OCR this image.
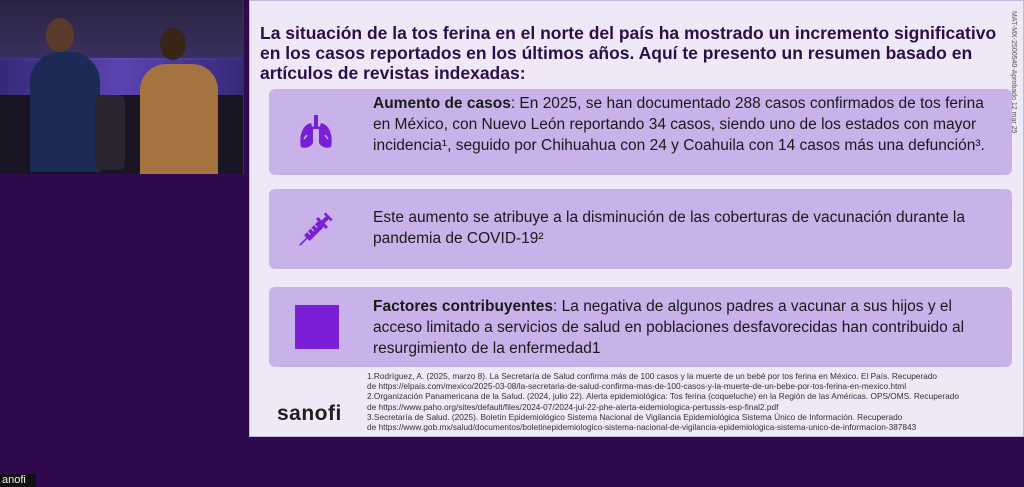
La situación de la tos ferina en el norte del país ha mostrado un incremento significativo en los casos reportados en los últimos años. Aquí te presento un resumen basado en artículos de revistas indexadas:

Aumento de casos: En 2025, se han documentado 288 casos confirmados de tos ferina en México, con Nuevo León reportando 34 casos, siendo uno de los estados con mayor incidencia¹, seguido por Chihuahua con 24 y Coahuila con 14 casos más una defunción³.
Este aumento se atribuye a la disminución de las coberturas de vacunación durante la pandemia de COVID-19²
Factores contribuyentes: La negativa de algunos padres a vacunar a sus hijos y el acceso limitado a servicios de salud en poblaciones desfavorecidas han contribuido al resurgimiento de la enfermedad1
sanofi
1.Rodríguez, A. (2025, marzo 8). La Secretaría de Salud confirma más de 100 casos y la muerte de un bebé por tos ferina en México. El País. Recuperado
de https://elpais.com/mexico/2025-03-08/la-secretaria-de-salud-confirma-mas-de-100-casos-y-la-muerte-de-un-bebe-por-tos-ferina-en-mexico.html
2.Organización Panamericana de la Salud. (2024, julio 22). Alerta epidemiológica: Tos ferina (coqueluche) en la Región de las Américas. OPS/OMS. Recuperado
de https://www.paho.org/sites/default/files/2024-07/2024-jul-22-phe-alerta-eidemiologica-pertussis-esp-final2.pdf
3.Secretaría de Salud. (2025). Boletín Epidemiológico Sistema Nacional de Vigilancia Epidemiológica Sistema Único de Información. Recuperado
de https://www.gob.mx/salud/documentos/boletinepidemiologico-sistema-nacional-de-vigilancia-epidemiologica-sistema-unico-de-informacion-387843
MAT-MX-2500540-Aprobado 12 mar 25
anofi
